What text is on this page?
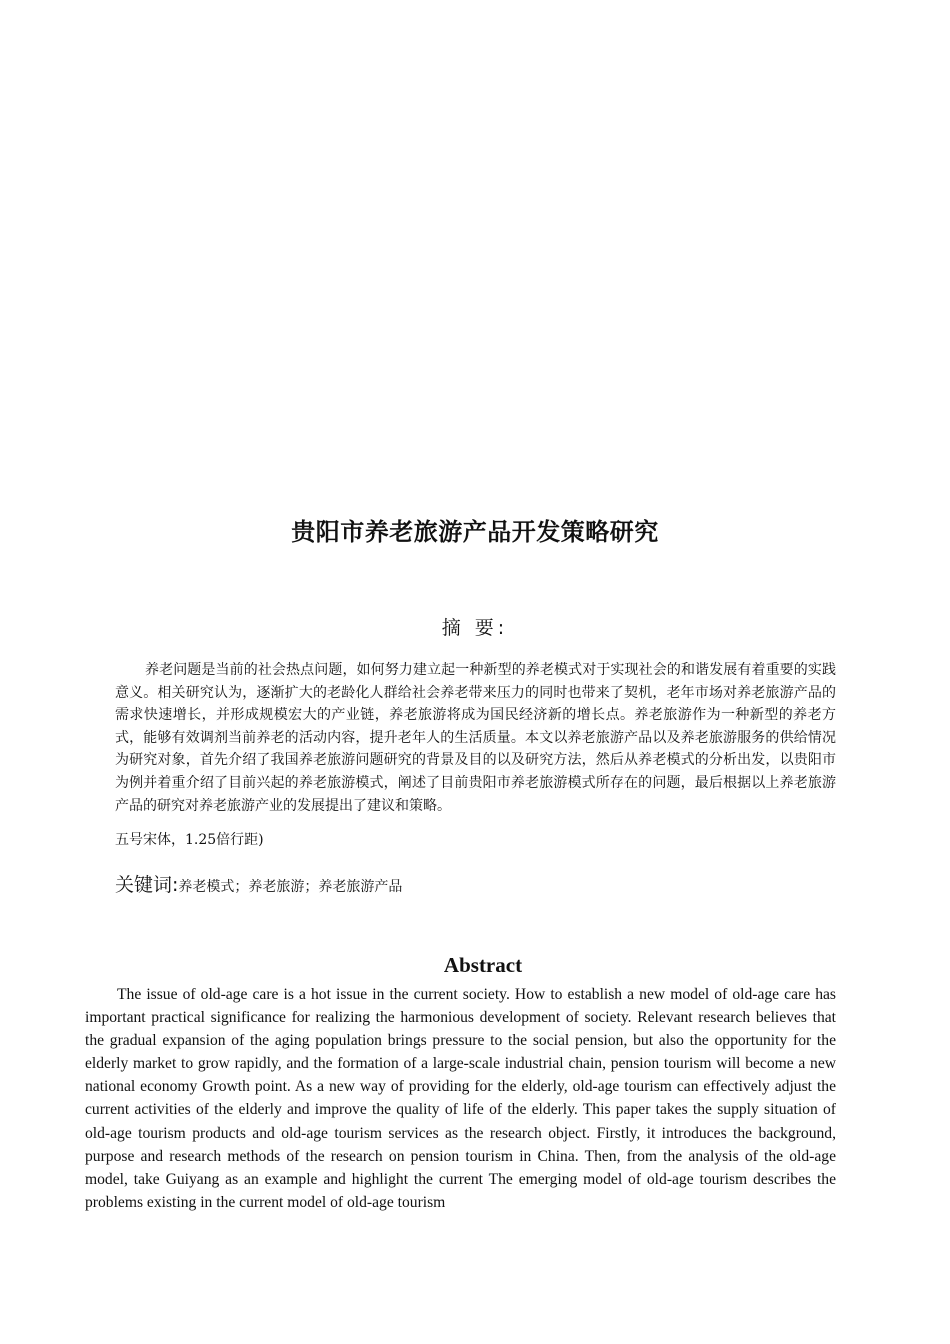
贵阳市养老旅游产品开发策略研究
摘 要:

养老问题是当前的社会热点问题，如何努力建立起一种新型的养老模式对于实现社会的和谐发展有着重要的实践意义。相关研究认为，逐渐扩大的老龄化人群给社会养老带来压力的同时也带来了契机，老年市场对养老旅游产品的需求快速增长，并形成规模宏大的产业链，养老旅游将成为国民经济新的增长点。养老旅游作为一种新型的养老方式，能够有效调剂当前养老的活动内容，提升老年人的生活质量。本文以养老旅游产品以及养老旅游服务的供给情况为研究对象，首先介绍了我国养老旅游问题研究的背景及目的以及研究方法，然后从养老模式的分析出发，以贵阳市为例并着重介绍了目前兴起的养老旅游模式，阐述了目前贵阳市养老旅游模式所存在的问题，最后根据以上养老旅游产品的研究对养老旅游产业的发展提出了建议和策略。

五号宋体，1.25倍行距)

关键词:养老模式；养老旅游；养老旅游产品

Abstract

The issue of old-age care is a hot issue in the current society. How to establish a new model of old-age care has important practical significance for realizing the harmonious development of society. Relevant research believes that the gradual expansion of the aging population brings pressure to the social pension, but also the opportunity for the elderly market to grow rapidly, and the formation of a large-scale industrial chain, pension tourism will become a new national economy Growth point. As a new way of providing for the elderly, old-age tourism can effectively adjust the current activities of the elderly and improve the quality of life of the elderly. This paper takes the supply situation of old-age tourism products and old-age tourism services as the research object. Firstly, it introduces the background, purpose and research methods of the research on pension tourism in China. Then, from the analysis of the old-age model, take Guiyang as an example and highlight the current The emerging model of old-age tourism describes the problems existing in the current model of old-age tourism
